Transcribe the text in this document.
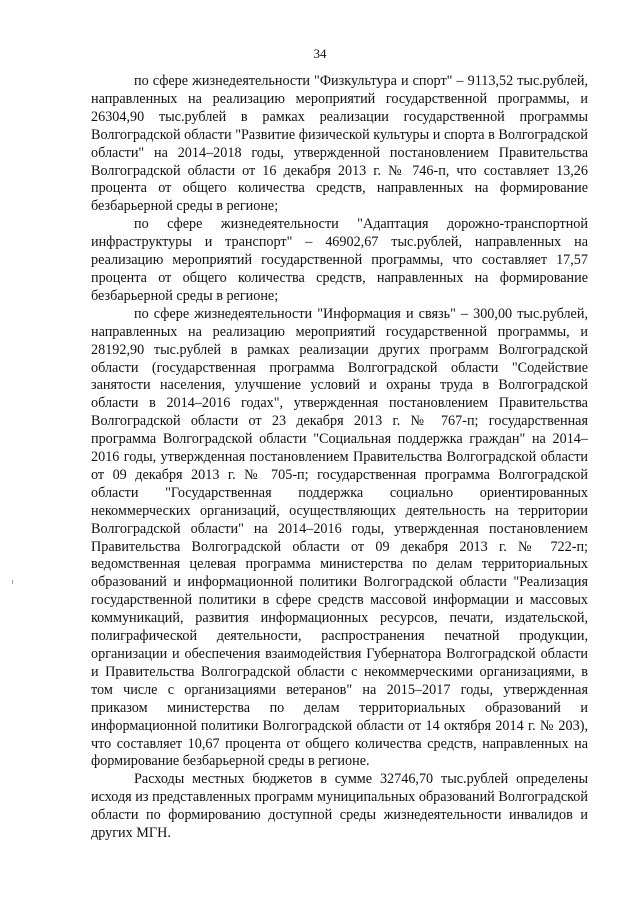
34

по сфере жизнедеятельности "Физкультура и спорт" – 9113,52 тыс.рублей, направленных на реализацию мероприятий государственной программы, и 26304,90 тыс.рублей в рамках реализации государственной программы Волгоградской области "Развитие физической культуры и спорта в Волгоградской области" на 2014–2018 годы, утвержденной постановлением Правительства Волгоградской области от 16 декабря 2013 г. № 746-п, что составляет 13,26 процента от общего количества средств, направленных на формирование безбарьерной среды в регионе;

по сфере жизнедеятельности "Адаптация дорожно-транспортной инфраструктуры и транспорт" – 46902,67 тыс.рублей, направленных на реализацию мероприятий государственной программы, что составляет 17,57 процента от общего количества средств, направленных на формирование безбарьерной среды в регионе;

по сфере жизнедеятельности "Информация и связь" – 300,00 тыс.рублей, направленных на реализацию мероприятий государственной программы, и 28192,90 тыс.рублей в рамках реализации других программ Волгоградской области (государственная программа Волгоградской области "Содействие занятости населения, улучшение условий и охраны труда в Волгоградской области в 2014–2016 годах", утвержденная постановлением Правительства Волгоградской области от 23 декабря 2013 г. № 767-п; государственная программа Волгоградской области "Социальная поддержка граждан" на 2014–2016 годы, утвержденная постановлением Правительства Волгоградской области от 09 декабря 2013 г. № 705-п; государственная программа Волгоградской области "Государственная поддержка социально ориентированных некоммерческих организаций, осуществляющих деятельность на территории Волгоградской области" на 2014–2016 годы, утвержденная постановлением Правительства Волгоградской области от 09 декабря 2013 г. № 722-п; ведомственная целевая программа министерства по делам территориальных образований и информационной политики Волгоградской области "Реализация государственной политики в сфере средств массовой информации и массовых коммуникаций, развития информационных ресурсов, печати, издательской, полиграфической деятельности, распространения печатной продукции, организации и обеспечения взаимодействия Губернатора Волгоградской области и Правительства Волгоградской области с некоммерческими организациями, в том числе с организациями ветеранов" на 2015–2017 годы, утвержденная приказом министерства по делам территориальных образований и информационной политики Волгоградской области от 14 октября 2014 г. № 203), что составляет 10,67 процента от общего количества средств, направленных на формирование безбарьерной среды в регионе.

Расходы местных бюджетов в сумме 32746,70 тыс.рублей определены исходя из представленных программ муниципальных образований Волгоградской области по формированию доступной среды жизнедеятельности инвалидов и других МГН.
